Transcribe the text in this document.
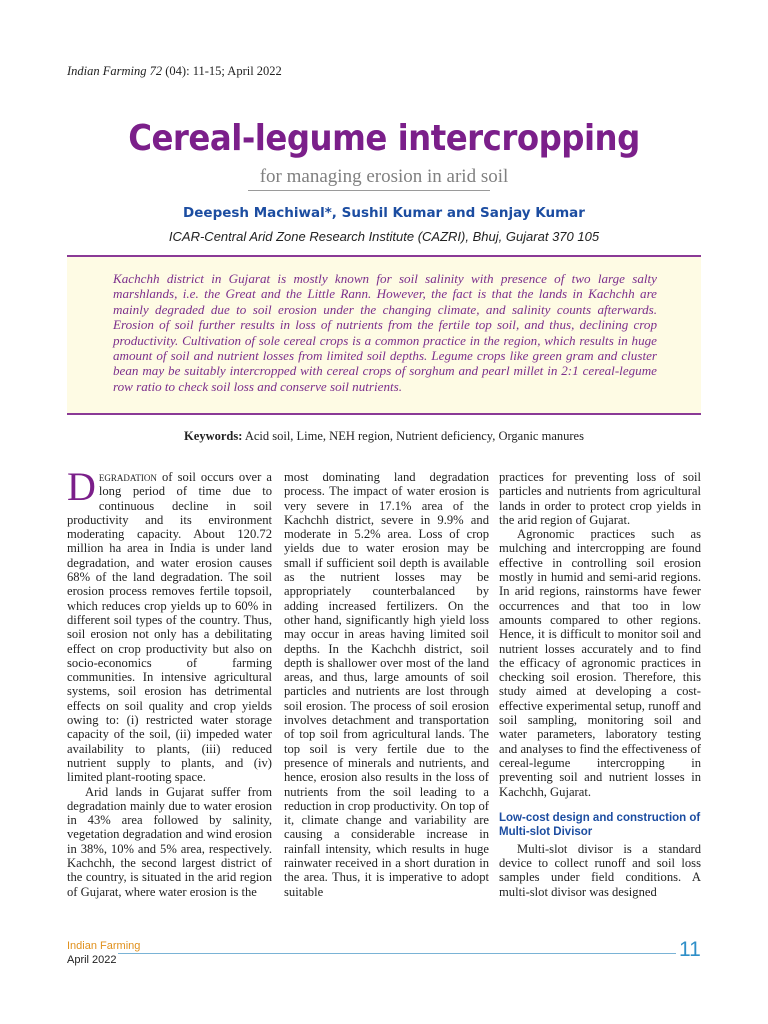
Indian Farming 72 (04): 11-15; April 2022
Cereal-legume intercropping
for managing erosion in arid soil
Deepesh Machiwal*, Sushil Kumar and Sanjay Kumar
ICAR-Central Arid Zone Research Institute (CAZRI), Bhuj, Gujarat 370 105
Kachchh district in Gujarat is mostly known for soil salinity with presence of two large salty marshlands, i.e. the Great and the Little Rann. However, the fact is that the lands in Kachchh are mainly degraded due to soil erosion under the changing climate, and salinity counts afterwards. Erosion of soil further results in loss of nutrients from the fertile top soil, and thus, declining crop productivity. Cultivation of sole cereal crops is a common practice in the region, which results in huge amount of soil and nutrient losses from limited soil depths. Legume crops like green gram and cluster bean may be suitably intercropped with cereal crops of sorghum and pearl millet in 2:1 cereal-legume row ratio to check soil loss and conserve soil nutrients.
Keywords: Acid soil, Lime, NEH region, Nutrient deficiency, Organic manures

Degradation of soil occurs over a long period of time due to continuous decline in soil productivity and its environment moderating capacity. About 120.72 million ha area in India is under land degradation, and water erosion causes 68% of the land degradation. The soil erosion process removes fertile topsoil, which reduces crop yields up to 60% in different soil types of the country. Thus, soil erosion not only has a debilitating effect on crop productivity but also on socio-economics of farming communities. In intensive agricultural systems, soil erosion has detrimental effects on soil quality and crop yields owing to: (i) restricted water storage capacity of the soil, (ii) impeded water availability to plants, (iii) reduced nutrient supply to plants, and (iv) limited plant-rooting space.

Arid lands in Gujarat suffer from degradation mainly due to water erosion in 43% area followed by salinity, vegetation degradation and wind erosion in 38%, 10% and 5% area, respectively. Kachchh, the second largest district of the country, is situated in the arid region of Gujarat, where water erosion is the

most dominating land degradation process. The impact of water erosion is very severe in 17.1% area of the Kachchh district, severe in 9.9% and moderate in 5.2% area. Loss of crop yields due to water erosion may be small if sufficient soil depth is available as the nutrient losses may be appropriately counterbalanced by adding increased fertilizers. On the other hand, significantly high yield loss may occur in areas having limited soil depths. In the Kachchh district, soil depth is shallower over most of the land areas, and thus, large amounts of soil particles and nutrients are lost through soil erosion. The process of soil erosion involves detachment and transportation of top soil from agricultural lands. The top soil is very fertile due to the presence of minerals and nutrients, and hence, erosion also results in the loss of nutrients from the soil leading to a reduction in crop productivity. On top of it, climate change and variability are causing a considerable increase in rainfall intensity, which results in huge rainwater received in a short duration in the area. Thus, it is imperative to adopt suitable

practices for preventing loss of soil particles and nutrients from agricultural lands in order to protect crop yields in the arid region of Gujarat.

Agronomic practices such as mulching and intercropping are found effective in controlling soil erosion mostly in humid and semi-arid regions. In arid regions, rainstorms have fewer occurrences and that too in low amounts compared to other regions. Hence, it is difficult to monitor soil and nutrient losses accurately and to find the efficacy of agronomic practices in checking soil erosion. Therefore, this study aimed at developing a cost-effective experimental setup, runoff and soil sampling, monitoring soil and water parameters, laboratory testing and analyses to find the effectiveness of cereal-legume intercropping in preventing soil and nutrient losses in Kachchh, Gujarat.

Low-cost design and construction of Multi-slot Divisor

Multi-slot divisor is a standard device to collect runoff and soil loss samples under field conditions. A multi-slot divisor was designed

Indian Farming
April 2022	11
